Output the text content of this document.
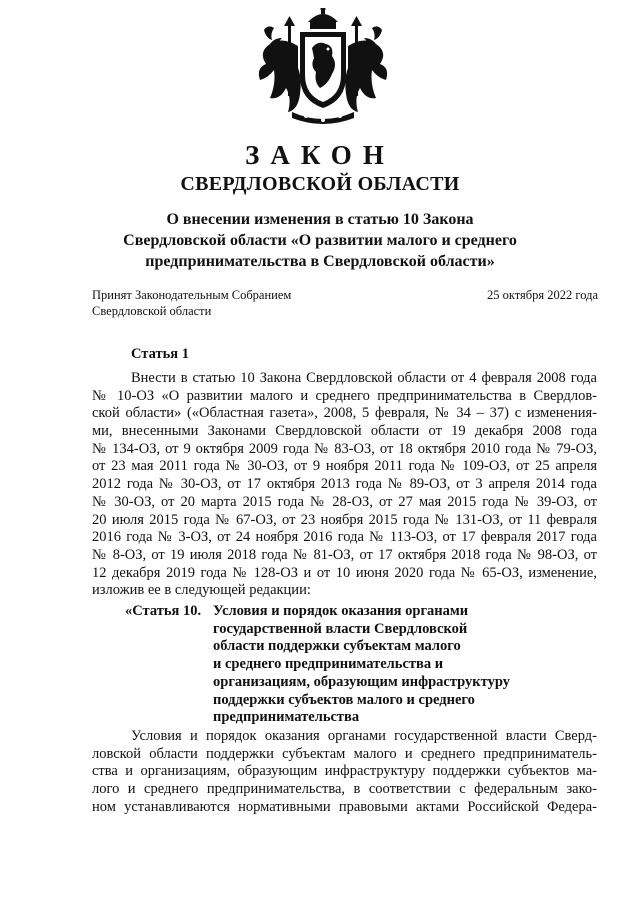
ЗАКОН
СВЕРДЛОВСКОЙ ОБЛАСТИ
О внесении изменения в статью 10 Закона
Свердловской области «О развитии малого и среднего
предпринимательства в Свердловской области»
Принят Законодательным Собранием
Свердловской области
25 октября 2022 года
Статья 1
Внести в статью 10 Закона Свердловской области от 4 февраля 2008 года
№ 10-ОЗ «О развитии малого и среднего предпринимательства в Свердлов-
ской области» («Областная газета», 2008, 5 февраля, № 34 – 37) с изменения-
ми, внесенными Законами Свердловской области от 19 декабря 2008 года
№ 134-ОЗ, от 9 октября 2009 года № 83-ОЗ, от 18 октября 2010 года № 79-ОЗ,
от 23 мая 2011 года № 30-ОЗ, от 9 ноября 2011 года № 109-ОЗ, от 25 апреля
2012 года № 30-ОЗ, от 17 октября 2013 года № 89-ОЗ, от 3 апреля 2014 года
№ 30-ОЗ, от 20 марта 2015 года № 28-ОЗ, от 27 мая 2015 года № 39-ОЗ, от
20 июля 2015 года № 67-ОЗ, от 23 ноября 2015 года № 131-ОЗ, от 11 февраля
2016 года № 3-ОЗ, от 24 ноября 2016 года № 113-ОЗ, от 17 февраля 2017 года
№ 8-ОЗ, от 19 июля 2018 года № 81-ОЗ, от 17 октября 2018 года № 98-ОЗ, от
12 декабря 2019 года № 128-ОЗ и от 10 июня 2020 года № 65-ОЗ, изменение,
изложив ее в следующей редакции:
«Статья 10. Условия и порядок оказания органами
государственной власти Свердловской
области поддержки субъектам малого
и среднего предпринимательства и
организациям, образующим инфраструктуру
поддержки субъектов малого и среднего
предпринимательства
Условия и порядок оказания органами государственной власти Сверд-
ловской области поддержки субъектам малого и среднего предприниматель-
ства и организациям, образующим инфраструктуру поддержки субъектов ма-
лого и среднего предпринимательства, в соответствии с федеральным зако-
ном устанавливаются нормативными правовыми актами Российской Федера-
